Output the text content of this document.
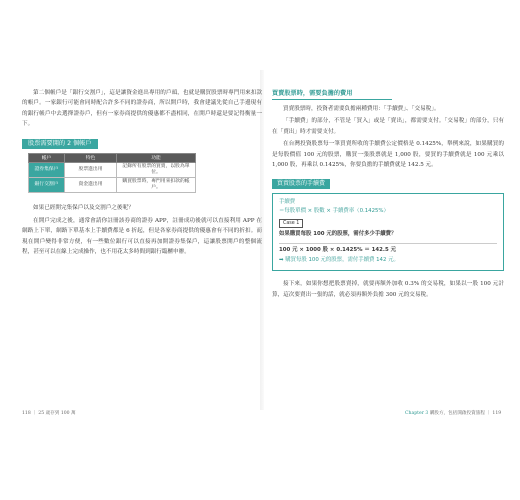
第二個帳戶是「銀行交割戶」，這是讓資金進出專用的戶頭，也就是購買股票時專門用來扣款的帳戶。一家銀行可能會同時配合許多不同的證券商，所以開戶時，我會建議先從自己手邊現有的銀行帳戶中去選擇證券戶，但有一家券商提供的優惠都不盡相同，在開戶時還是要記得衡量一下。

股票需要開的 2 個帳戶
帳戶	特色	功能
證券集保戶	股票進出用	記錄所有股票的買賣，以股為單位。
銀行交割戶	資金進出用	購買股票時，專門用來扣款的帳戶。

如果已經開完集保戶以及交割戶之後呢？

在開戶完成之後，通常會請你註冊該券商的證券 APP，註冊成功後就可以直接利用 APP 在網路上下單，網路下單基本上手續費都是 6 折起，但是各家券商提供的優惠會有不同的折扣。而現在開戶變得非常方便，有一些數位銀行可以直接再加開證券集保戶，這讓股票開戶的整個流程，甚至可以在線上完成操作，也不用花太多時間到銀行臨櫃申辦。

買賣股票時，需要負擔的費用

買賣股票時，投資者需要負擔兩種費用：「手續費」、「交易稅」。

「手續費」的部分，不管是「買入」或是「賣出」，都需要支付。「交易稅」的部分，只有在「賣出」時才需要支付。

在台灣投資股票每一筆買賣所收的手續費公定價格是 0.1425%，舉例來說，如果購買的是每股價值 100 元的股票，購買一張股票就是 1,000 股，要買的手續費就是 100 元乘以 1,000 股，再乘以 0.1425%，你要負擔的手續費就是 142.5 元。

買賣股票的手續費
手續費
＝每股單價 × 股數 × 手續費率（0.1425%）
Case 1
如果購買每股 100 元的股票，需付多少手續費？
100 元 × 1000 股 × 0.1425% ＝ 142.5 元
➡ 購買每股 100 元的股票，需付手續費 142 元。

接下來，如果你想把股票賣掉，就要再額外加收 0.3% 的交易稅，如果以一股 100 元計算，這次要賣出一張的話，就必須再額外負擔 300 元的交易稅。

118 ｜ 25 歲存到 100 萬	Chapter 3 購股方，包括開啟投資旅程 ｜ 119
